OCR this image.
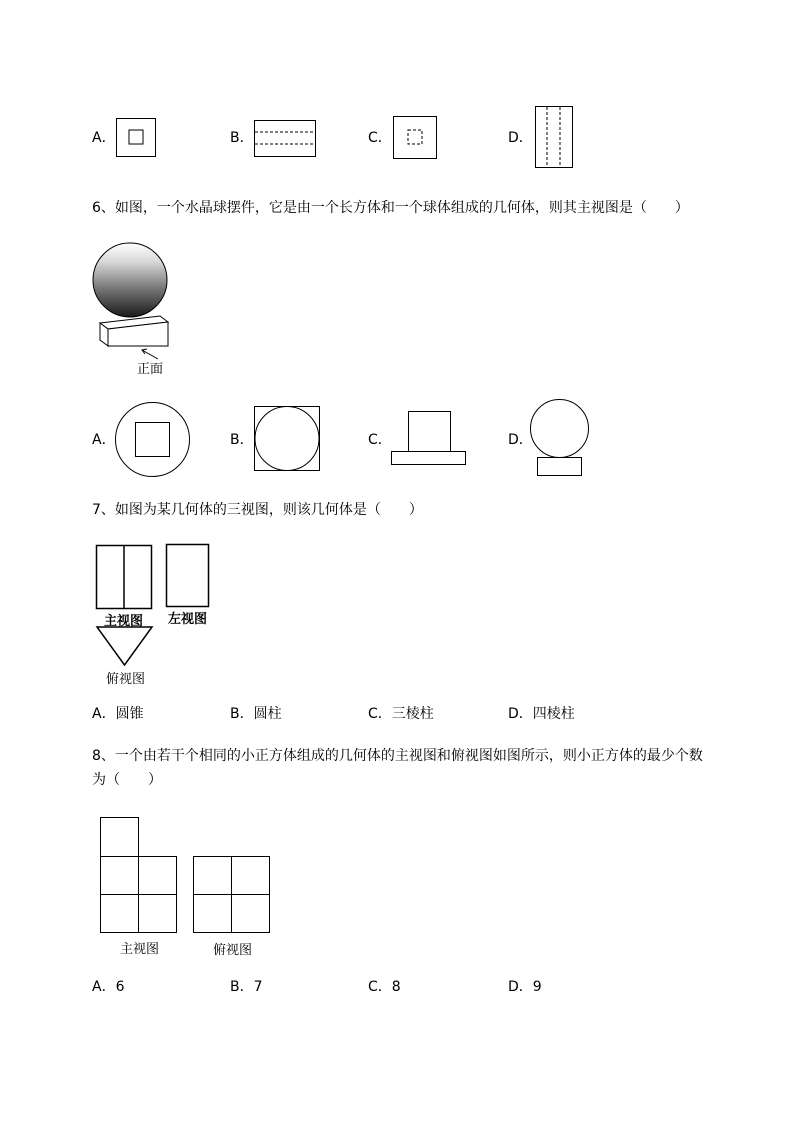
A．	B．	C．	D．
6、如图，一个水晶球摆件，它是由一个长方体和一个球体组成的几何体，则其主视图是（　　）
正面
A．	B．	C．	D．
7、如图为某几何体的三视图，则该几何体是（　　）
主视图 左视图
俯视图
A．圆锥	B．圆柱	C．三棱柱	D．四棱柱
8、一个由若干个相同的小正方体组成的几何体的主视图和俯视图如图所示，则小正方体的最少个数
为（　　）
主视图	俯视图
A．6	B．7	C．8	D．9
